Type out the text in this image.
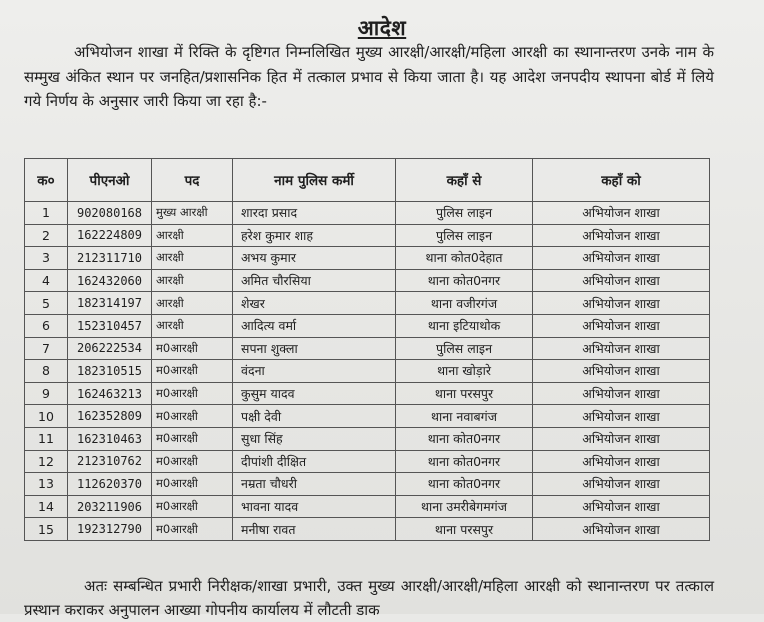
आदेश
अभियोजन शाखा में रिक्ति के दृष्टिगत निम्नलिखित मुख्य आरक्षी/आरक्षी/महिला आरक्षी का स्थानान्तरण उनके नाम के सम्मुख अंकित स्थान पर जनहित/प्रशासनिक हित में तत्काल प्रभाव से किया जाता है। यह आदेश जनपदीय स्थापना बोर्ड में लिये गये निर्णय के अनुसार जारी किया जा रहा है:-
क०	पीएनओ	पद	नाम पुलिस कर्मी	कहाँ से	कहाँ को
1	902080168	मुख्य आरक्षी	शारदा प्रसाद	पुलिस लाइन	अभियोजन शाखा
2	162224809	आरक्षी	हरेश कुमार शाह	पुलिस लाइन	अभियोजन शाखा
3	212311710	आरक्षी	अभय कुमार	थाना कोत0देहात	अभियोजन शाखा
4	162432060	आरक्षी	अमित चौरसिया	थाना कोत0नगर	अभियोजन शाखा
5	182314197	आरक्षी	शेखर	थाना वजीरगंज	अभियोजन शाखा
6	152310457	आरक्षी	आदित्य वर्मा	थाना इटियाथोक	अभियोजन शाखा
7	206222534	म0आरक्षी	सपना शुक्ला	पुलिस लाइन	अभियोजन शाखा
8	182310515	म0आरक्षी	वंदना	थाना खोड़ारे	अभियोजन शाखा
9	162463213	म0आरक्षी	कुसुम यादव	थाना परसपुर	अभियोजन शाखा
10	162352809	म0आरक्षी	पक्षी देवी	थाना नवाबगंज	अभियोजन शाखा
11	162310463	म0आरक्षी	सुधा सिंह	थाना कोत0नगर	अभियोजन शाखा
12	212310762	म0आरक्षी	दीपांशी दीक्षित	थाना कोत0नगर	अभियोजन शाखा
13	112620370	म0आरक्षी	नम्रता चौधरी	थाना कोत0नगर	अभियोजन शाखा
14	203211906	म0आरक्षी	भावना यादव	थाना उमरीबेगमगंज	अभियोजन शाखा
15	192312790	म0आरक्षी	मनीषा रावत	थाना परसपुर	अभियोजन शाखा
अतः सम्बन्धित प्रभारी निरीक्षक/शाखा प्रभारी, उक्त मुख्य आरक्षी/आरक्षी/महिला आरक्षी को स्थानान्तरण पर तत्काल प्रस्थान कराकर अनुपालन आख्या गोपनीय कार्यालय में लौटती डाक
